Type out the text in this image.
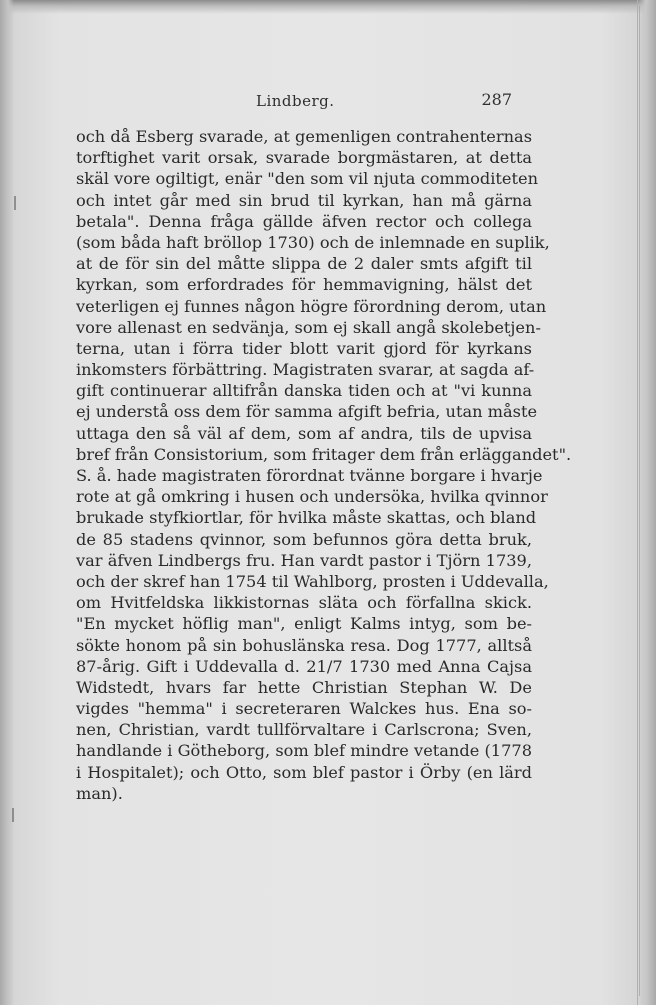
Lindberg.	287
och då Esberg svarade, at gemenligen contrahenternas
torftighet varit orsak, svarade borgmästaren, at detta
skäl vore ogiltigt, enär "den som vil njuta commoditeten
och intet går med sin brud til kyrkan, han må gärna
betala". Denna fråga gällde äfven rector och collega
(som båda haft bröllop 1730) och de inlemnade en suplik,
at de för sin del måtte slippa de 2 daler smts afgift til
kyrkan, som erfordrades för hemmavigning, hälst det
veterligen ej funnes någon högre förordning derom, utan
vore allenast en sedvänja, som ej skall angå skolebetjen-
terna, utan i förra tider blott varit gjord för kyrkans
inkomsters förbättring. Magistraten svarar, at sagda af-
gift continuerar alltifrån danska tiden och at "vi kunna
ej understå oss dem för samma afgift befria, utan måste
uttaga den så väl af dem, som af andra, tils de upvisa
bref från Consistorium, som fritager dem från erläggandet".
S. å. hade magistraten förordnat tvänne borgare i hvarje
rote at gå omkring i husen och undersöka, hvilka qvinnor
brukade styfkiortlar, för hvilka måste skattas, och bland
de 85 stadens qvinnor, som befunnos göra detta bruk,
var äfven Lindbergs fru. Han vardt pastor i Tjörn 1739,
och der skref han 1754 til Wahlborg, prosten i Uddevalla,
om Hvitfeldska likkistornas släta och förfallna skick.
"En mycket höflig man", enligt Kalms intyg, som be-
sökte honom på sin bohuslänska resa. Dog 1777, alltså
87-årig. Gift i Uddevalla d. 21/7 1730 med Anna Cajsa
Widstedt, hvars far hette Christian Stephan W. De
vigdes "hemma" i secreteraren Walckes hus. Ena so-
nen, Christian, vardt tullförvaltare i Carlscrona; Sven,
handlande i Götheborg, som blef mindre vetande (1778
i Hospitalet); och Otto, som blef pastor i Örby (en lärd
man).
